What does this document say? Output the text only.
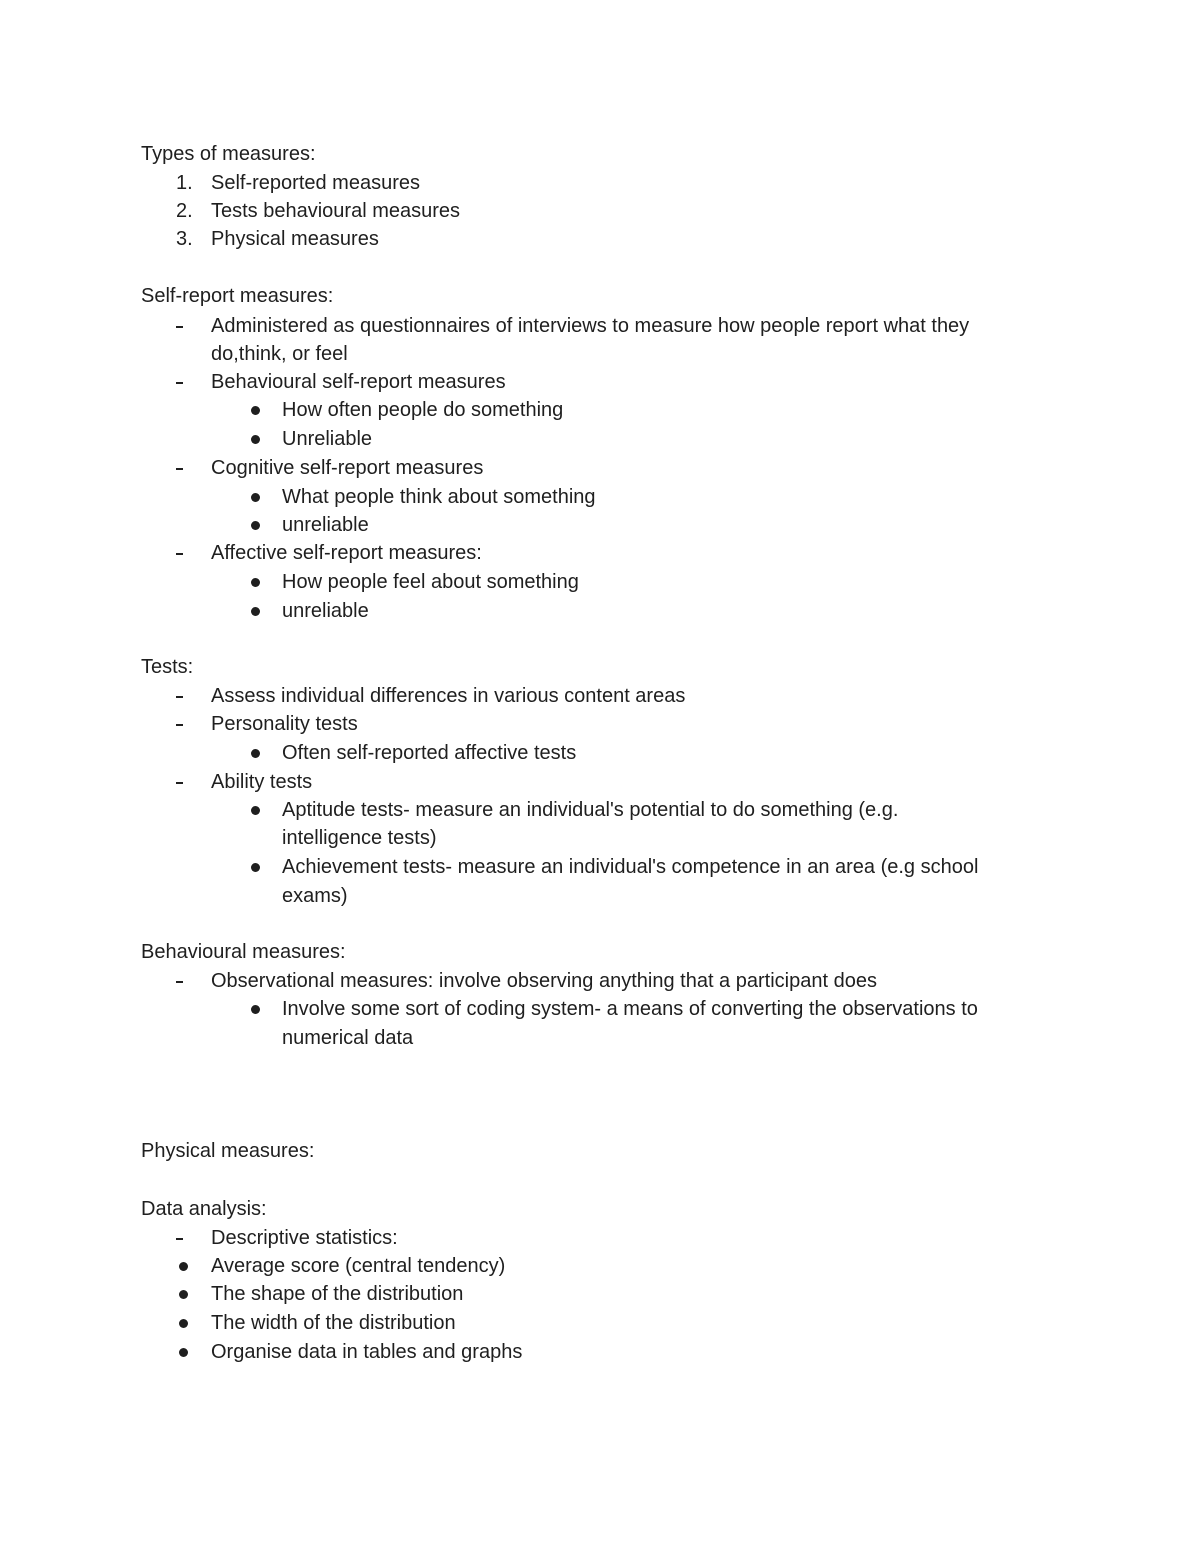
Types of measures:

1. Self-reported measures

2. Tests behavioural measures

3. Physical measures

Self-report measures:

Administered as questionnaires of interviews to measure how people report what they

do,think, or feel

Behavioural self-report measures

How often people do something

Unreliable

Cognitive self-report measures

What people think about something

unreliable

Affective self-report measures:

How people feel about something

unreliable

Tests:

Assess individual differences in various content areas

Personality tests

Often self-reported affective tests

Ability tests

Aptitude tests- measure an individual's potential to do something (e.g.

intelligence tests)

Achievement tests- measure an individual's competence in an area (e.g school

exams)

Behavioural measures:

Observational measures: involve observing anything that a participant does

Involve some sort of coding system- a means of converting the observations to

numerical data

Physical measures:

Data analysis:

Descriptive statistics:

Average score (central tendency)

The shape of the distribution

The width of the distribution

Organise data in tables and graphs
